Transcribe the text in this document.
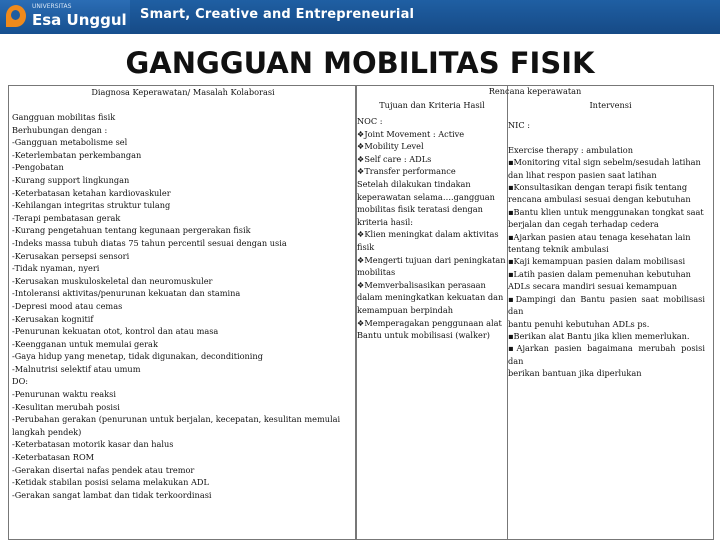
UNIVERSITAS
Esa Unggul Smart, Creative and Entrepreneurial
GANGGUAN MOBILITAS FISIK
Diagnosa Keperawatan/ Masalah Kolaborasi
Gangguan mobilitas fisik
Berhubungan dengan :
-Gangguan metabolisme sel
-Keterlembatan perkembangan
-Pengobatan
-Kurang support lingkungan
-Keterbatasan ketahan kardiovaskuler
-Kehilangan integritas struktur tulang
-Terapi pembatasan gerak
-Kurang pengetahuan tentang kegunaan pergerakan fisik
-Indeks massa tubuh diatas 75 tahun percentil sesuai dengan usia
-Kerusakan persepsi sensori
-Tidak nyaman, nyeri
-Kerusakan muskuloskeletal dan neuromuskuler
-Intoleransi aktivitas/penurunan kekuatan dan stamina
-Depresi mood atau cemas
-Kerusakan kognitif
-Penurunan kekuatan otot, kontrol dan atau masa
-Keengganan untuk memulai gerak
-Gaya hidup yang menetap, tidak digunakan, deconditioning
-Malnutrisi selektif atau umum
DO:
-Penurunan waktu reaksi
-Kesulitan merubah posisi
-Perubahan gerakan (penurunan untuk berjalan, kecepatan, kesulitan memulai
langkah pendek)
-Keterbatasan motorik kasar dan halus
-Keterbatasan ROM
-Gerakan disertai nafas pendek atau tremor
-Ketidak stabilan posisi selama melakukan ADL
-Gerakan sangat lambat dan tidak terkoordinasi
NOC :
❖Joint Movement : Active
❖Mobility Level
❖Self care : ADLs
❖Transfer performance
Setelah dilakukan tindakan
keperawatan selama….gangguan
mobilitas fisik teratasi dengan
kriteria hasil:
❖Klien meningkat dalam aktivitas
fisik
❖Mengerti tujuan dari peningkatan
mobilitas
❖Memverbalisasikan perasaan
dalam meningkatkan kekuatan dan
kemampuan berpindah
❖Memperagakan penggunaan alat
Bantu untuk mobilisasi (walker)
NIC :

Exercise therapy : ambulation
▪Monitoring vital sign sebelm/sesudah latihan
dan lihat respon pasien saat latihan
▪Konsultasikan dengan terapi fisik tentang
rencana ambulasi sesuai dengan kebutuhan
▪Bantu klien untuk menggunakan tongkat saat
berjalan dan cegah terhadap cedera
▪Ajarkan pasien atau tenaga kesehatan lain
tentang teknik ambulasi
▪Kaji kemampuan pasien dalam mobilisasi
▪Latih pasien dalam pemenuhan kebutuhan
ADLs secara mandiri sesuai kemampuan
▪Dampingi dan Bantu pasien saat mobilisasi dan
bantu penuhi kebutuhan ADLs ps.
▪Berikan alat Bantu jika klien memerlukan.
▪Ajarkan pasien bagaimana merubah posisi dan
berikan bantuan jika diperlukan
Rencana keperawatan
Tujuan dan Kriteria Hasil	Intervensi
